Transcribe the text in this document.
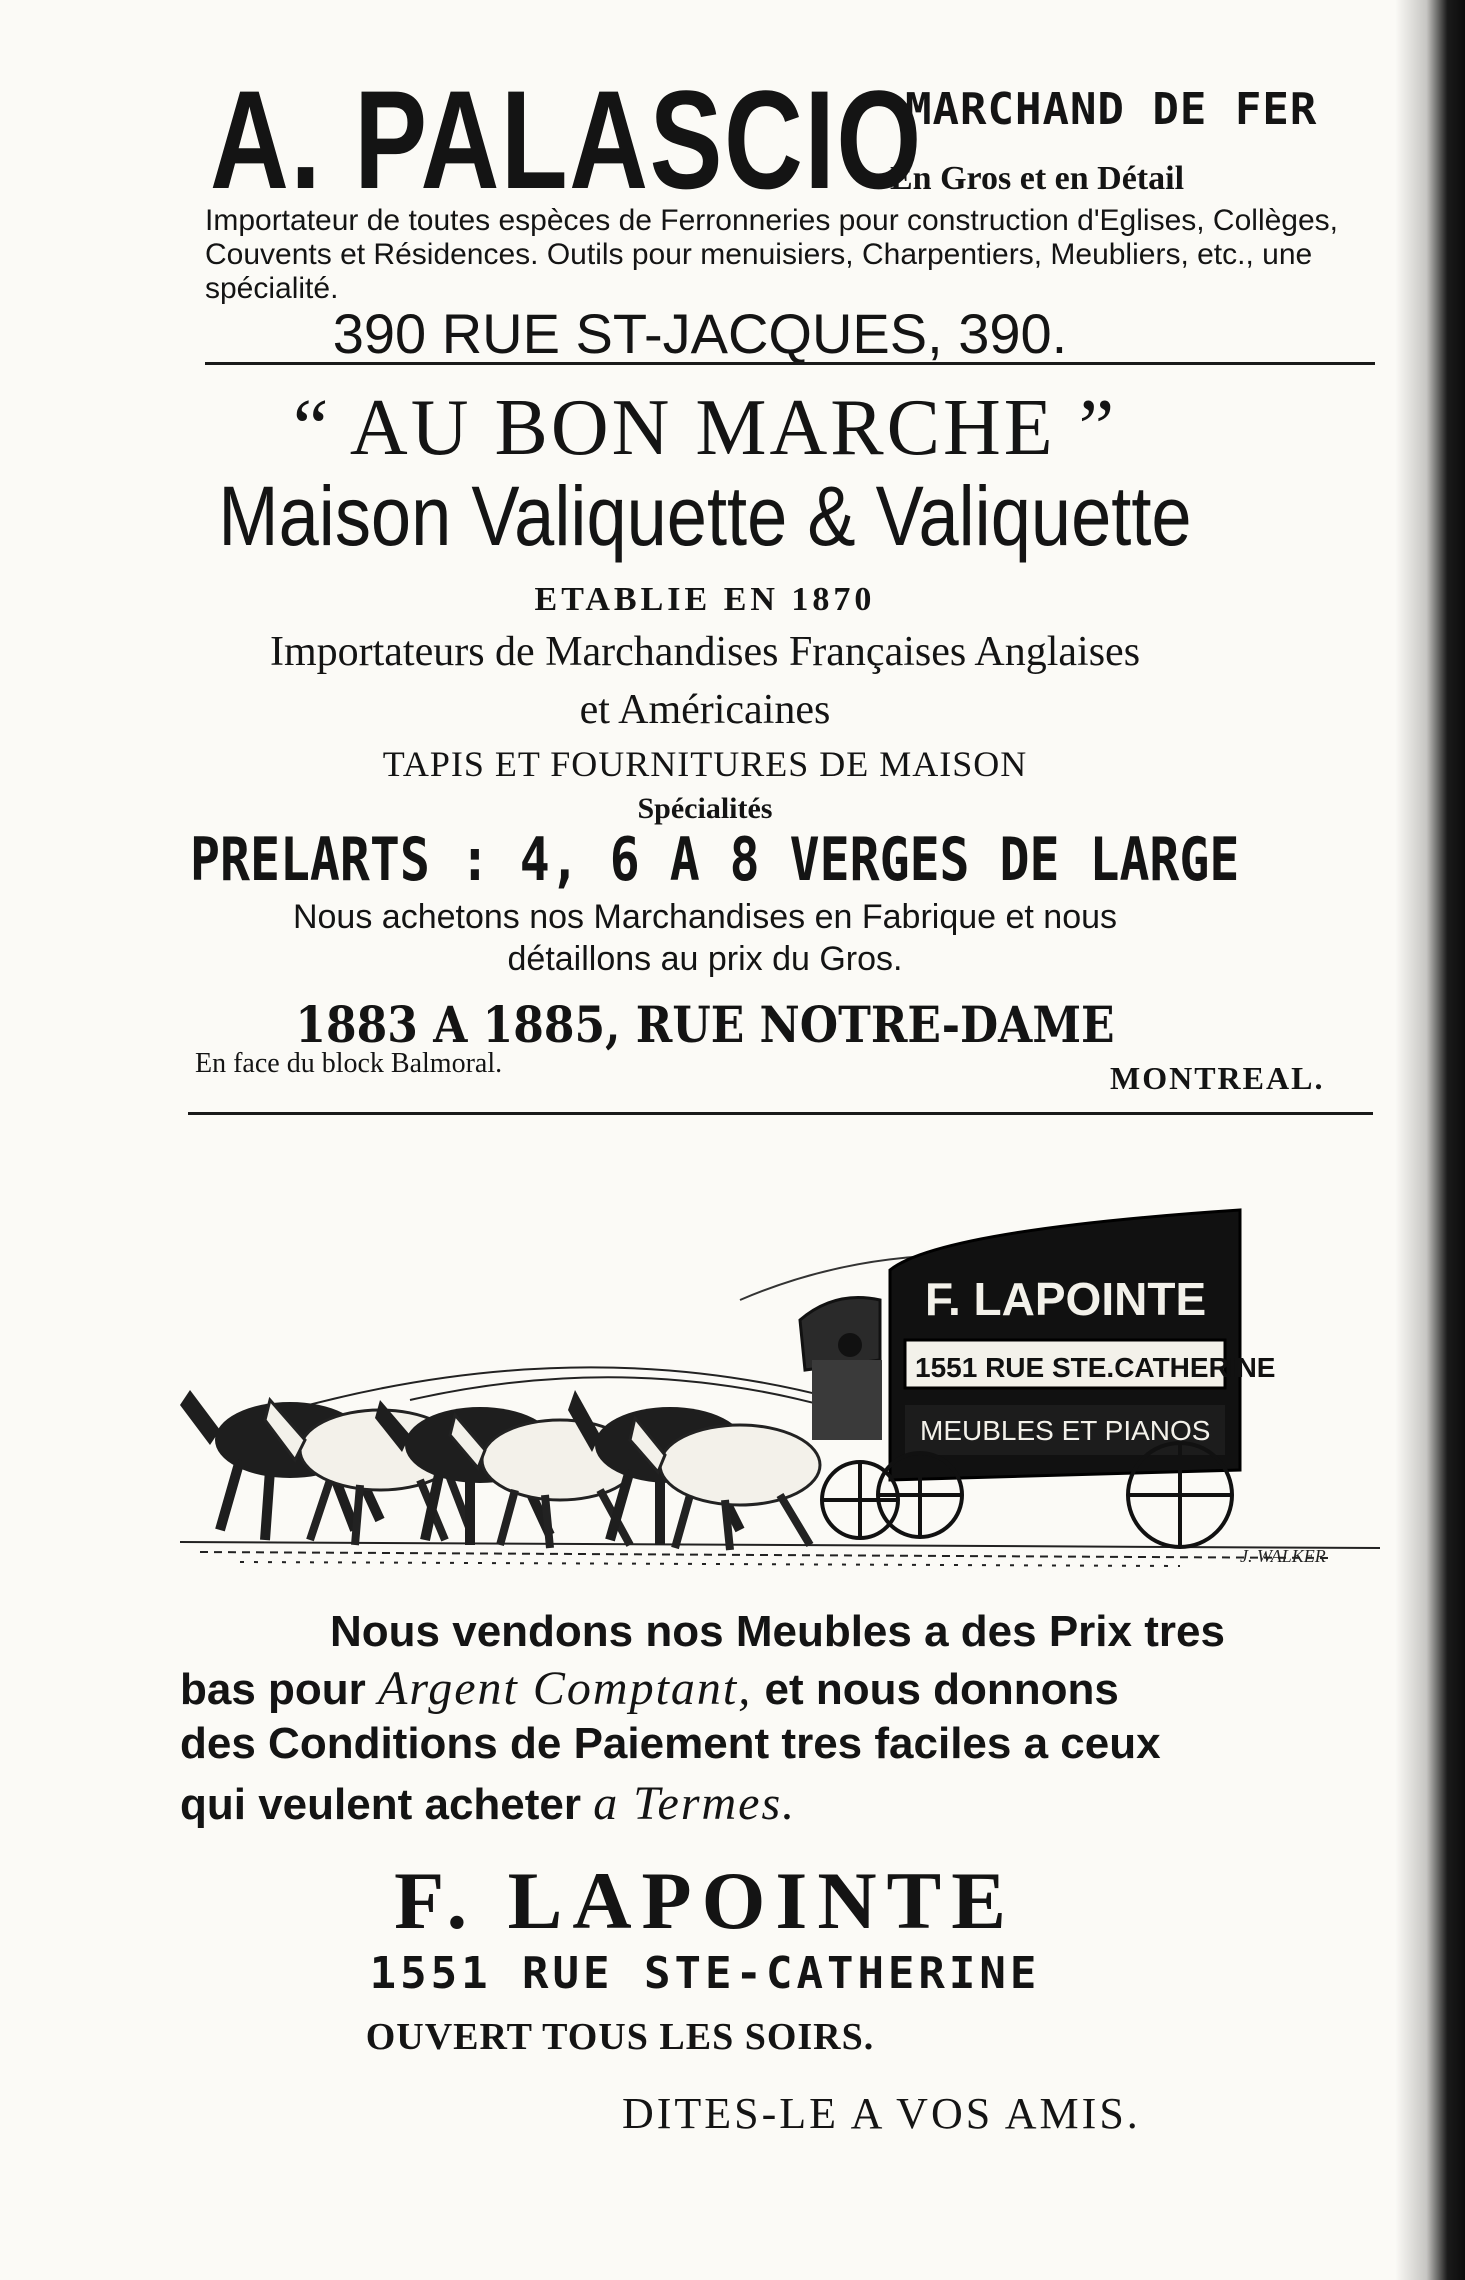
A. PALASCIO
MARCHAND DE FER
En Gros et en Détail
Importateur de toutes espèces de Ferronneries pour construction d'Eglises, Collèges, Couvents et Résidences. Outils pour menuisiers, Charpentiers, Meubliers, etc., une spécialité.
390 RUE ST-JACQUES, 390.
“ AU BON MARCHE ”
Maison Valiquette & Valiquette
ETABLIE EN 1870
Importateurs de Marchandises Françaises Anglaises
et Américaines
TAPIS ET FOURNITURES DE MAISON
Spécialités
PRELARTS : 4, 6 A 8 VERGES DE LARGE
Nous achetons nos Marchandises en Fabrique et nous
détaillons au prix du Gros.
1883 A 1885, RUE NOTRE-DAME
En face du block Balmoral.	MONTREAL.
F. LAPOINTE
1551 RUE STE.CATHERINE
MEUBLES ET PIANOS
J. WALKER
Nous vendons nos Meubles a des Prix tres
bas pour Argent Comptant, et nous donnons
des Conditions de Paiement tres faciles a ceux
qui veulent acheter a Termes.
F. LAPOINTE
1551 RUE STE-CATHERINE
OUVERT TOUS LES SOIRS.
DITES-LE A VOS AMIS.
